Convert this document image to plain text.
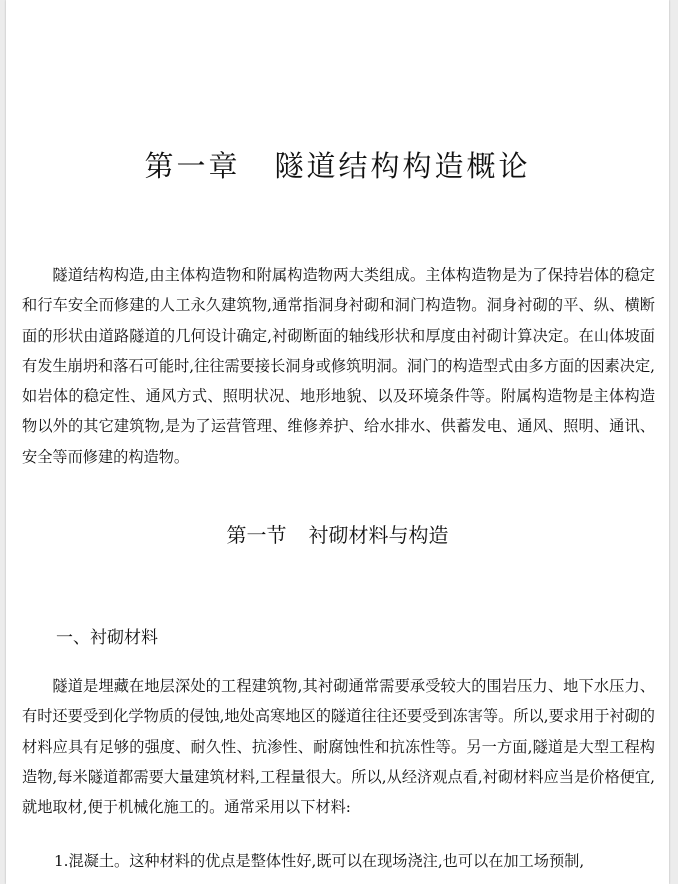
第一章 隧道结构构造概论

隧道结构构造,由主体构造物和附属构造物两大类组成。主体构造物是为了保持岩体的稳定和行车安全而修建的人工永久建筑物,通常指洞身衬砌和洞门构造物。洞身衬砌的平、纵、横断面的形状由道路隧道的几何设计确定,衬砌断面的轴线形状和厚度由衬砌计算决定。在山体坡面有发生崩坍和落石可能时,往往需要接长洞身或修筑明洞。洞门的构造型式由多方面的因素决定,如岩体的稳定性、通风方式、照明状况、地形地貌、以及环境条件等。附属构造物是主体构造物以外的其它建筑物,是为了运营管理、维修养护、给水排水、供蓄发电、通风、照明、通讯、安全等而修建的构造物。

第一节 衬砌材料与构造
一、衬砌材料

隧道是埋藏在地层深处的工程建筑物,其衬砌通常需要承受较大的围岩压力、地下水压力、有时还要受到化学物质的侵蚀,地处高寒地区的隧道往往还要受到冻害等。所以,要求用于衬砌的材料应具有足够的强度、耐久性、抗渗性、耐腐蚀性和抗冻性等。另一方面,隧道是大型工程构造物,每米隧道都需要大量建筑材料,工程量很大。所以,从经济观点看,衬砌材料应当是价格便宜,就地取材,便于机械化施工的。通常采用以下材料:

1.混凝土。这种材料的优点是整体性好,既可以在现场浇注,也可以在加工场预制,
